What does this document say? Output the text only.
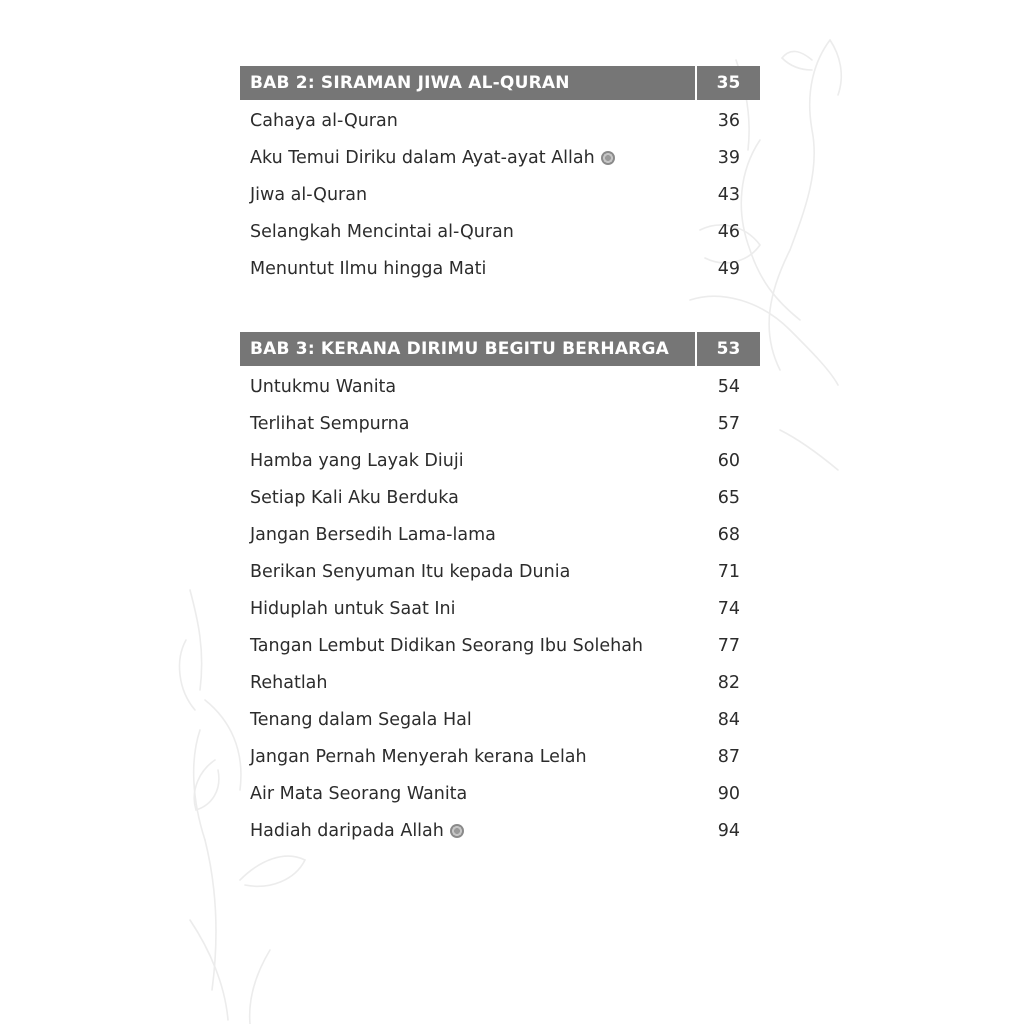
BAB 2: SIRAMAN JIWA AL-QURAN	35
Cahaya al-Quran	36
Aku Temui Diriku dalam Ayat-ayat Allah	39
Jiwa al-Quran	43
Selangkah Mencintai al-Quran	46
Menuntut Ilmu hingga Mati	49
BAB 3: KERANA DIRIMU BEGITU BERHARGA	53
Untukmu Wanita	54
Terlihat Sempurna	57
Hamba yang Layak Diuji	60
Setiap Kali Aku Berduka	65
Jangan Bersedih Lama-lama	68
Berikan Senyuman Itu kepada Dunia	71
Hiduplah untuk Saat Ini	74
Tangan Lembut Didikan Seorang Ibu Solehah	77
Rehatlah	82
Tenang dalam Segala Hal	84
Jangan Pernah Menyerah kerana Lelah	87
Air Mata Seorang Wanita	90
Hadiah daripada Allah	94
